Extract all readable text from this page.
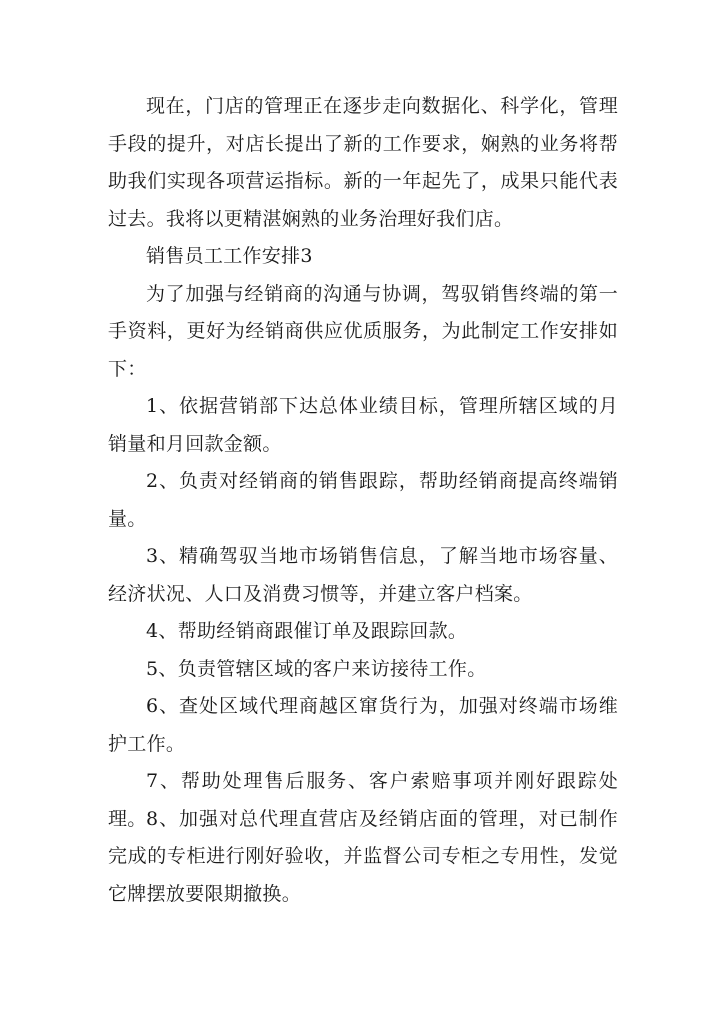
现在，门店的管理正在逐步走向数据化、科学化，管理手段的提升，对店长提出了新的工作要求，娴熟的业务将帮助我们实现各项营运指标。新的一年起先了，成果只能代表过去。我将以更精湛娴熟的业务治理好我们店。

销售员工工作安排3

为了加强与经销商的沟通与协调，驾驭销售终端的第一手资料，更好为经销商供应优质服务，为此制定工作安排如下：

1、依据营销部下达总体业绩目标，管理所辖区域的月销量和月回款金额。

2、负责对经销商的销售跟踪，帮助经销商提高终端销量。

3、精确驾驭当地市场销售信息，了解当地市场容量、经济状况、人口及消费习惯等，并建立客户档案。

4、帮助经销商跟催订单及跟踪回款。

5、负责管辖区域的客户来访接待工作。

6、查处区域代理商越区窜货行为，加强对终端市场维护工作。

7、帮助处理售后服务、客户索赔事项并刚好跟踪处理。 8、加强对总代理直营店及经销店面的管理，对已制作完成的专柜进行刚好验收，并监督公司专柜之专用性，发觉它牌摆放要限期撤换。
